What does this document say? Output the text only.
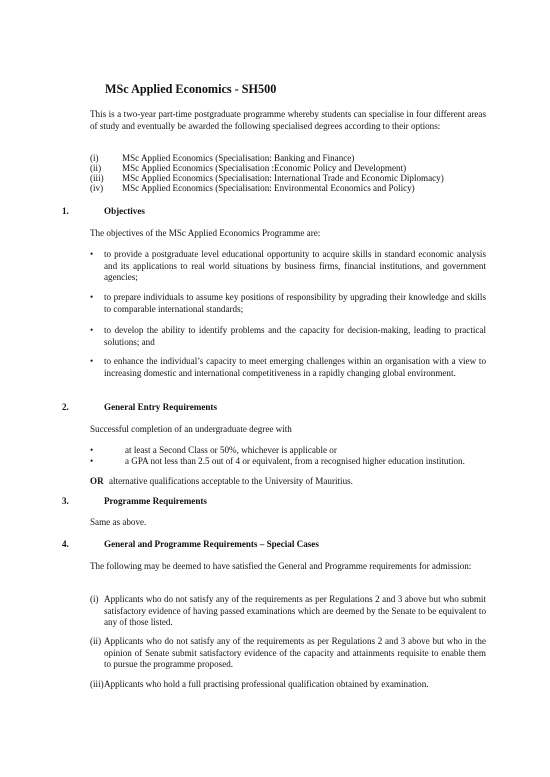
MSc Applied Economics - SH500
This is a two-year part-time postgraduate programme whereby students can specialise in four different areas of study and eventually be awarded the following specialised degrees according to their options:
(i)	MSc Applied Economics (Specialisation: Banking and Finance)
(ii) MSc Applied Economics (Specialisation :Economic Policy and Development)
(iii) MSc Applied Economics (Specialisation: International Trade and Economic Diplomacy)
(iv) MSc Applied Economics (Specialisation: Environmental Economics and Policy)
1.	Objectives
The objectives of the MSc Applied Economics Programme are:
• to provide a postgraduate level educational opportunity to acquire skills in standard economic analysis and its applications to real world situations by business firms, financial institutions, and government agencies;
• to prepare individuals to assume key positions of responsibility by upgrading their knowledge and skills to comparable international standards;
• to develop the ability to identify problems and the capacity for decision-making, leading to practical solutions; and
• to enhance the individual’s capacity to meet emerging challenges within an organisation with a view to increasing domestic and international competitiveness in a rapidly changing global environment.
2.	General Entry Requirements
Successful completion of an undergraduate degree with
•	at least a Second Class or 50%, whichever is applicable or
•	a GPA not less than 2.5 out of 4 or equivalent, from a recognised higher education institution.
OR alternative qualifications acceptable to the University of Mauritius.
3.	Programme Requirements
Same as above.
4.	General and Programme Requirements – Special Cases
The following may be deemed to have satisfied the General and Programme requirements for admission:
(i) Applicants who do not satisfy any of the requirements as per Regulations 2 and 3 above but who submit satisfactory evidence of having passed examinations which are deemed by the Senate to be equivalent to any of those listed.
(ii) Applicants who do not satisfy any of the requirements as per Regulations 2 and 3 above but who in the opinion of Senate submit satisfactory evidence of the capacity and attainments requisite to enable them to pursue the programme proposed.
(iii) Applicants who hold a full practising professional qualification obtained by examination.
